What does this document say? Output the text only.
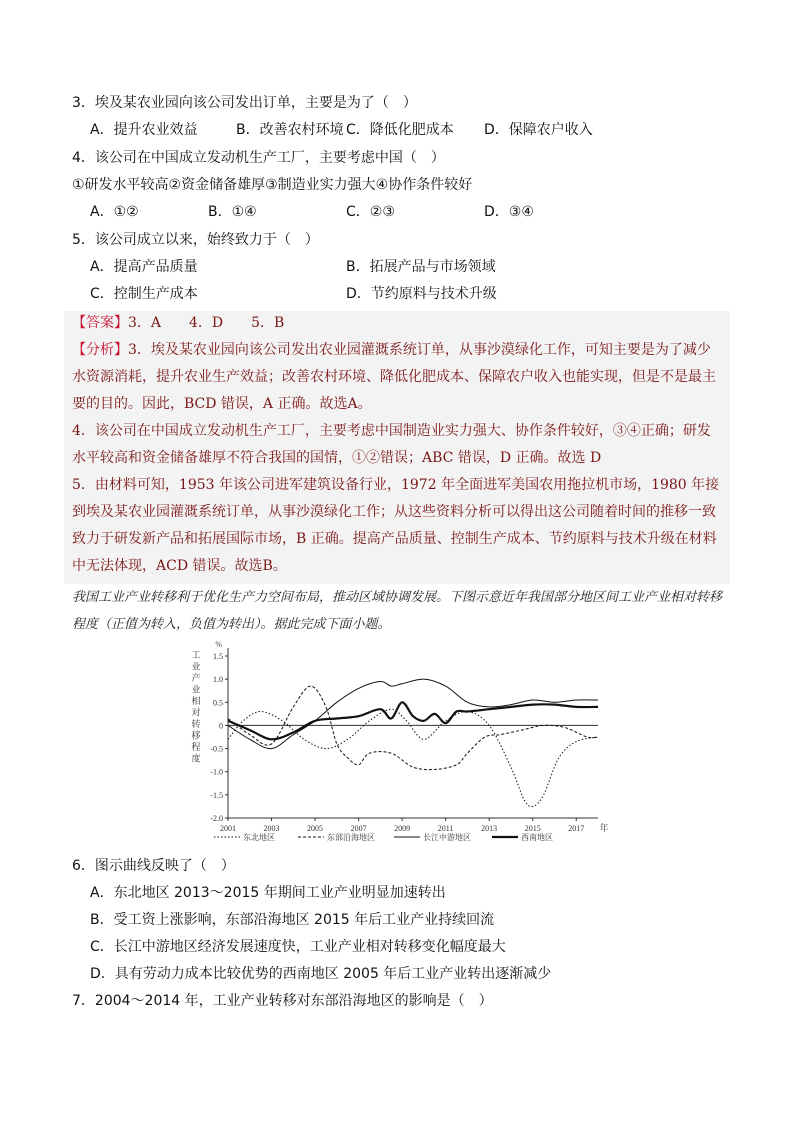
3．埃及某农业园向该公司发出订单，主要是为了（　）
A．提升农业效益	B．改善农村环境 C．降低化肥成本 D．保障农户收入
4．该公司在中国成立发动机生产工厂，主要考虑中国（　）
①研发水平较高②资金储备雄厚③制造业实力强大④协作条件较好
A．①②	B．①④	C．②③	D．③④
5．该公司成立以来，始终致力于（　）
A．提高产品质量	B．拓展产品与市场领域
C．控制生产成本	D．节约原料与技术升级
【答案】3．A　　4．D　　5．B
【分析】3．埃及某农业园向该公司发出农业园灌溉系统订单，从事沙漠绿化工作，可知主要是为了减少水资源消耗，提升农业生产效益；改善农村环境、降低化肥成本、保障农户收入也能实现，但是不是最主要的目的。因此，BCD 错误，A 正确。故选A。
4．该公司在中国成立发动机生产工厂，主要考虑中国制造业实力强大、协作条件较好，③④正确；研发水平较高和资金储备雄厚不符合我国的国情，①②错误；ABC 错误，D 正确。故选 D
5．由材料可知，1953 年该公司进军建筑设备行业，1972 年全面进军美国农用拖拉机市场，1980 年接到埃及某农业园灌溉系统订单，从事沙漠绿化工作；从这些资料分析可以得出这公司随着时间的推移一致致力于研发新产品和拓展国际市场，B 正确。提高产品质量、控制生产成本、节约原料与技术升级在材料中无法体现，ACD 错误。故选B。
我国工业产业转移利于优化生产力空间布局，推动区域协调发展。下图示意近年我国部分地区间工业产业相对转移程度（正值为转入，负值为转出）。据此完成下面小题。
1.5
1.0
0.5
0
-0.5
-1.0
-1.5
-2.0
%
工
业
产
业
相
对
转
移
程
度
2001	2003	2005	2007	2009	2011	2013	2015	2017 年
东北地区	东部沿海地区	长江中游地区	西南地区
6．图示曲线反映了（　）
A．东北地区 2013～2015 年期间工业产业明显加速转出
B．受工资上涨影响，东部沿海地区 2015 年后工业产业持续回流
C．长江中游地区经济发展速度快，工业产业相对转移变化幅度最大
D．具有劳动力成本比较优势的西南地区 2005 年后工业产业转出逐渐减少
7．2004～2014 年，工业产业转移对东部沿海地区的影响是（　）
